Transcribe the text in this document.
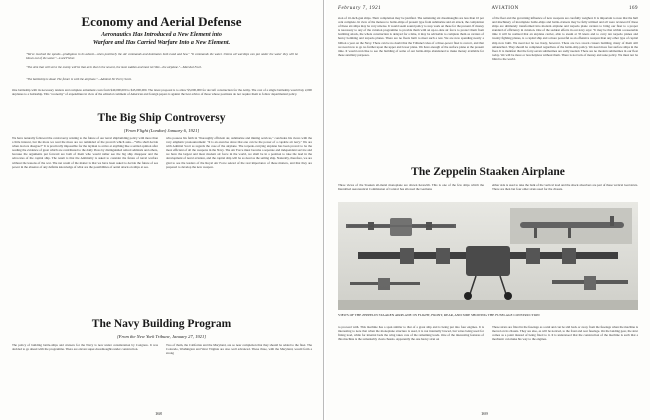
Economy and Aerial Defense
Aeronautics Has Introduced a New Element into
Warfare and Has Carried Warfare Into a New Element.
"We've reached the speeds—prodigious in its advent—when positively the Air commands and dominates both Land and Sea." "It commands the water. Unless all warships can put under the water they will be blown out of the water."—Lord Fisher.
"The Arm that will serve the enemy will be that arm that is the newest, the most sudden and most terrible—the airplane."—Marshal Foch.
"The battleship is dead. The future is with the airplane."—Admiral Sir Percy Scott.
One battleship with its necessary tenders and complete armament costs from $40,000,000 to $45,000,000. The latest proposal is to allow $3,000,000 for aircraft construction for the Army. The cost of a single battleship would buy 2,000 airplanes to a battleship. This "economy" of expenditure in view of the editorial comment of American and foreign papers is against the best advice of those whose positions do not require them to follow departmental policy.
The Big Ship Controversy
[From Flight (London) January 6, 1921]
We have naturally followed the controversy relating to the future of our naval shipbuilding policy with more than a little interest, but the more we read the more are we reminded of the proverb which asks—"Who shall decide when doctors disagree?" It is practically impossible for the layman to arrive at anything like a settled opinion after reading the evidence of great which are contributed to the daily Press by distinguished retired admirals and others, because the arguments put forward are both of them who would rather see the big ship disappear and the advocates of the capital ship. The result is that the Admiralty is asked to consider the future of naval warfare without the lessons of the war. The net result of the matter is that we have been asked to decide the future of sea power in the absence of any definite knowledge of what are the possibilities of aerial attack on ships at sea.
who possess his faith in "thoroughly efficient air, submarine and mining services," concludes his views with the very emphatic pronouncement: "It is an exercise since that one can be the power of a capable air navy." We are with Admiral Scott as regards the case of the airplane. The torpedo-carrying airplane has been proved to be the most efficient of all the weapons in the Navy. The Air Force must become a separate and independent service and we have the largest and most modern air force in the world, we shall be in a position to take the lead in the development of naval aviation, and the capital ship will be as dead as the sailing ship. Naturally, therefore, we are glad to see the leaders of the Royal Air Force seized of the real importance of these matters, and that they are prepared to develop the new weapon.
The Navy Building Program
[From the New York Tribune, January 27, 1921]
The policy of building battle-ships and cruisers for the Navy is now under consideration by Congress. It was decided to go ahead with the programme. There are eleven super-dreadnoughts under construction.
Two of them, the California and the Maryland, are so near completion that they should be added to the fleet. The Colorado, Washington and West Virginia are also well advanced. These three, with the Maryland, would form a strong
168
February 7, 1921	AVIATION	169
sion of 16-inch-gun ships. Their completion may be justified. The remaining six dreadnoughts are less than 10 per cent complete. In view of the menace to battle-ships of present type from submarine and air attack, the completion of these six ships may be very unwise. It would seem sound policy to stop work on these for the present. If money is necessary to any of the aviation programme to provide them with an up-to-date air force to protect them from bombing attack, the whole construction is delayed for a time, it may be advisable to complete them as carriers of heavy bombing and torpedo planes. There are no fleets built to meet such a test. We are now spending nearly a billion a year on the Navy. There can be no doubt that the Tribune's idea of a three-power fleet is correct, and that we need now to go no further upon the upper and lower plane. We have enough of the surface plane at the present time. It would even like to see the building of some of our battle-ships abandoned to make money available for these auxiliary purposes.
of the fleet and the governing influence of new weapons are carefully weighed. It is important to note that the hull and machinery of incomplete battle-ships and battle-cruisers may be fully utilized and all were reviewed if these ships are ultimately transformed into modern airplane and torpedo plane carriers to bring our fleet to a proper standard of efficiency in aviation. One of the saddest effects in our navy says: "It may be that within a reasonable time it will be realized that an airplane carrier, able to steam at 35 knots and to carry ten torpedo planes and twenty fighting planes, is a capital ship and a more powerful as an offensive weapon than any other type of capital ship now built. We need not be too hasty, however. There are two sworn crusers building, many of them still unlaunched. They should be completed regardless of the battle-ship policy. We need more fast surface ships in the fleet. It is manifest that the forty-seven submarines are sadly needed. There are no modern submarines in our fleet today. We will be more or less helpless without them. There is not lack of money and sane policy. We must not be blind to the world.
The Zeppelin Staaken Airplane
Three views of the Staaken all-metal monoplane are shown herewith. This is one of the few ships which the Interallied Aeronautical Commission of Control has allowed the Germans
either side is used to take the bulk of the vertical load and the shock absorbers are part of these vertical load struts. There are then but four other struts used for the chassis.
VIEWS OF THE ZEPPELIN STAAKEN AIRPLANE: IN FLIGHT, FRONT, REAR, AND SIDE SHOWING THE FUSELAGE CONSTRUCTION
to proceed with. This machine has a span similar to that of a great ship and is being put into four engines. It is interesting to note that when the monoplane structure is used, it is not internally braced, but wires being used for fixing load, while for internal beds the wing takes care of the remaining loads. One of the interesting features of this machine is the remarkably clean chassis. Apparently the one heavy strut on
These struts are fitted in the fuselage as a unit and can be slid back or away from the fuselage when the machine is moved on its chassis. They are also, as will be noticed, to the front and rear fuselage. On the landing gear, the strut comes as a point instead of being fixed to it. It is understood that the construction of the machine is such that a mechanic can make his way to the engines.
169
